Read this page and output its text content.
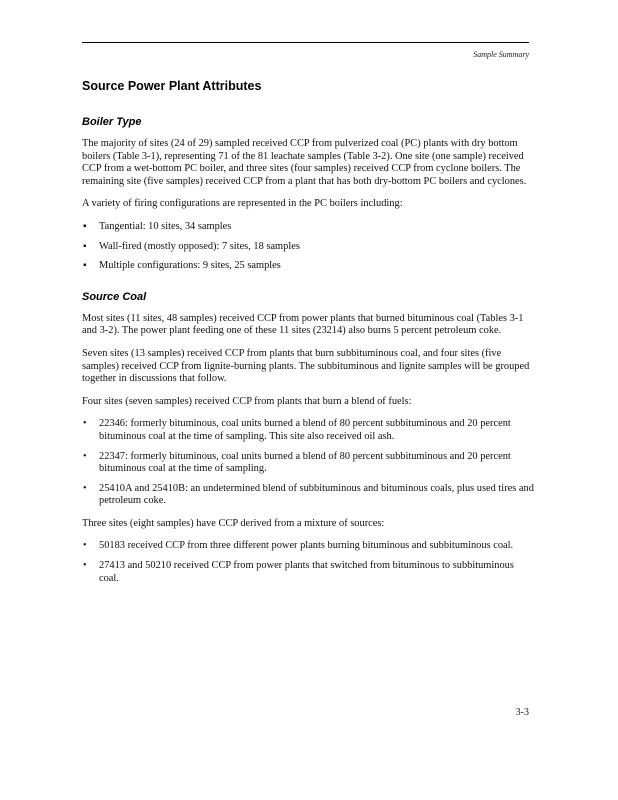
Sample Summary
Source Power Plant Attributes
Boiler Type

The majority of sites (24 of 29) sampled received CCP from pulverized coal (PC) plants with dry bottom boilers (Table 3-1), representing 71 of the 81 leachate samples (Table 3-2). One site (one sample) received CCP from a wet-bottom PC boiler, and three sites (four samples) received CCP from cyclone boilers. The remaining site (five samples) received CCP from a plant that has both dry-bottom PC boilers and cyclones.

A variety of firing configurations are represented in the PC boilers including:

▪ Tangential: 10 sites, 34 samples
▪ Wall-fired (mostly opposed): 7 sites, 18 samples
▪ Multiple configurations: 9 sites, 25 samples
Source Coal

Most sites (11 sites, 48 samples) received CCP from power plants that burned bituminous coal (Tables 3-1 and 3-2). The power plant feeding one of these 11 sites (23214) also burns 5 percent petroleum coke.

Seven sites (13 samples) received CCP from plants that burn subbituminous coal, and four sites (five samples) received CCP from lignite-burning plants. The subbituminous and lignite samples will be grouped together in discussions that follow.

Four sites (seven samples) received CCP from plants that burn a blend of fuels:

• 22346: formerly bituminous, coal units burned a blend of 80 percent subbituminous and 20 percent bituminous coal at the time of sampling. This site also received oil ash.
• 22347: formerly bituminous, coal units burned a blend of 80 percent subbituminous and 20 percent bituminous coal at the time of sampling.
• 25410A and 25410B: an undetermined blend of subbituminous and bituminous coals, plus used tires and petroleum coke.

Three sites (eight samples) have CCP derived from a mixture of sources:

• 50183 received CCP from three different power plants burning bituminous and subbituminous coal.
• 27413 and 50210 received CCP from power plants that switched from bituminous to subbituminous coal.
3-3
